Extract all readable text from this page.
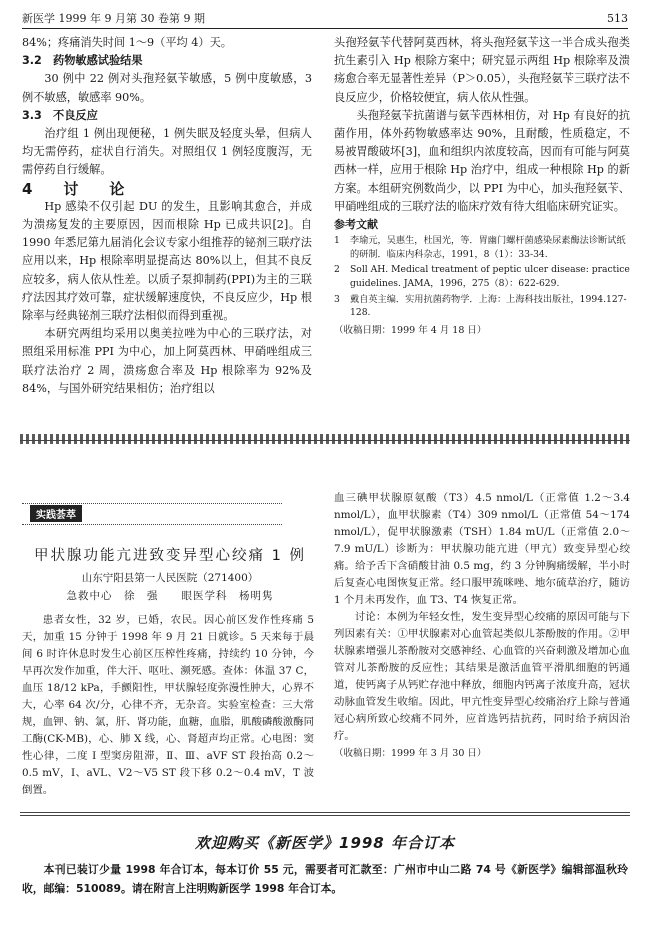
新医学 1999 年 9 月第 30 卷第 9 期	513

84%；疼痛消失时间 1～9（平均 4）天。

3.2　药物敏感试验结果

30 例中 22 例对头孢羟氨苄敏感，5 例中度敏感，3 例不敏感，敏感率 90%。

3.3　不良反应

治疗组 1 例出现便秘，1 例失眠及轻度头晕，但病人均无需停药，症状自行消失。对照组仅 1 例轻度腹泻，无需停药自行缓解。

4　讨　论

Hp 感染不仅引起 DU 的发生，且影响其愈合，并成为溃疡复发的主要原因，因而根除 Hp 已成共识[2]。自 1990 年悉尼第九届消化会议专家小组推荐的铋剂三联疗法应用以来，Hp 根除率明显提高达 80%以上，但其不良反应较多，病人依从性差。以质子泵抑制药(PPI)为主的三联疗法因其疗效可靠，症状缓解速度快，不良反应少，Hp 根除率与经典铋剂三联疗法相似而得到重视。

本研究两组均采用以奥美拉唑为中心的三联疗法，对照组采用标准 PPI 为中心，加上阿莫西林、甲硝唑组成三联疗法治疗 2 周，溃疡愈合率及 Hp 根除率为 92%及 84%，与国外研究结果相仿；治疗组以

头孢羟氨苄代替阿莫西林，将头孢羟氨苄这一半合成头孢类抗生素引入 Hp 根除方案中；研究显示两组 Hp 根除率及溃疡愈合率无显著性差异（P＞0.05），头孢羟氨苄三联疗法不良反应少，价格较便宜，病人依从性强。

头孢羟氨苄抗菌谱与氨苄西林相仿，对 Hp 有良好的抗菌作用，体外药物敏感率达 90%，且耐酸，性质稳定，不易被胃酸破坏[3]，血和组织内浓度较高，因而有可能与阿莫西林一样，应用于根除 Hp 治疗中，组成一种根除 Hp 的新方案。本组研究例数尚少，以 PPI 为中心，加头孢羟氨苄、甲硝唑组成的三联疗法的临床疗效有待大组临床研究证实。

参考文献

1	李瑜元，吴惠生，杜国光，等．胃幽门螺杆菌感染尿素酶法诊断试纸的研制．临床内科杂志，1991，8（1）：33-34.
2	Soll AH. Medical treatment of peptic ulcer disease: practice guidelines. JAMA，1996，275（8）：622-629.
3	戴自英主编．实用抗菌药物学．上海：上海科技出版社，1994.127-128.

（收稿日期：1999 年 4 月 18 日）

实践荟萃
甲状腺功能亢进致变异型心绞痛 1 例
山东宁阳县第一人民医院（271400）
急救中心　徐　强　　眼医学科　杨明隽

患者女性，32 岁，已婚，农民。因心前区发作性疼痛 5 天，加重 15 分钟于 1998 年 9 月 21 日就诊。5 天来每于晨间 6 时许休息时发生心前区压榨性疼痛，持续约 10 分钟，今早再次发作加重，伴大汗、呕吐、濒死感。查体：体温 37 C，血压 18/12 kPa，手颤阳性，甲状腺轻度弥漫性肿大，心界不大，心率 64 次/分，心律不齐，无杂音。实验室检查：三大常规，血钾、钠、氯，肝、肾功能，血糖，血脂，肌酸磷酸激酶同工酶(CK-MB)，心、肺 X 线，心、肾超声均正常。心电图：窦性心律，二度 I 型窦房阻滞，Ⅱ、Ⅲ、aVF ST 段抬高 0.2～0.5 mV，Ⅰ、aVL、V2～V5 ST 段下移 0.2～0.4 mV，T 波倒置。

血三碘甲状腺原氨酸（T3）4.5 nmol/L（正常值 1.2～3.4 nmol/L），血甲状腺素（T4）309 nmol/L（正常值 54～174 nmol/L），促甲状腺激素（TSH）1.84 mU/L（正常值 2.0～7.9 mU/L）诊断为：甲状腺功能亢进（甲亢）致变异型心绞痛。给予舌下含硝酸甘油 0.5 mg，约 3 分钟胸痛缓解，半小时后复查心电图恢复正常。经口服甲巯咪唑、地尔硫草治疗，随访 1 个月未再发作，血 T3、T4 恢复正常。

讨论：本例为年轻女性，发生变异型心绞痛的原因可能与下列因素有关：①甲状腺素对心血管起类似儿茶酚胺的作用。②甲状腺素增强儿茶酚胺对交感神经、心血管的兴奋刺激及增加心血管对儿茶酚胺的反应性；其结果是激活血管平滑肌细胞的钙通道，使钙离子从钙贮存池中释放，细胞内钙离子浓度升高，冠状动脉血管发生收缩。因此，甲亢性变异型心绞痛治疗上除与普通冠心病所致心绞痛不同外，应首选钙拮抗药，同时给予病因治疗。

（收稿日期：1999 年 3 月 30 日）

欢迎购买《新医学》1998 年合订本
本刊已装订少量 1998 年合订本，每本订价 55 元，需要者可汇款至：广州市中山二路 74 号《新医学》编辑部温秋玲收，邮编：510089。请在附言上注明购新医学 1998 年合订本。
